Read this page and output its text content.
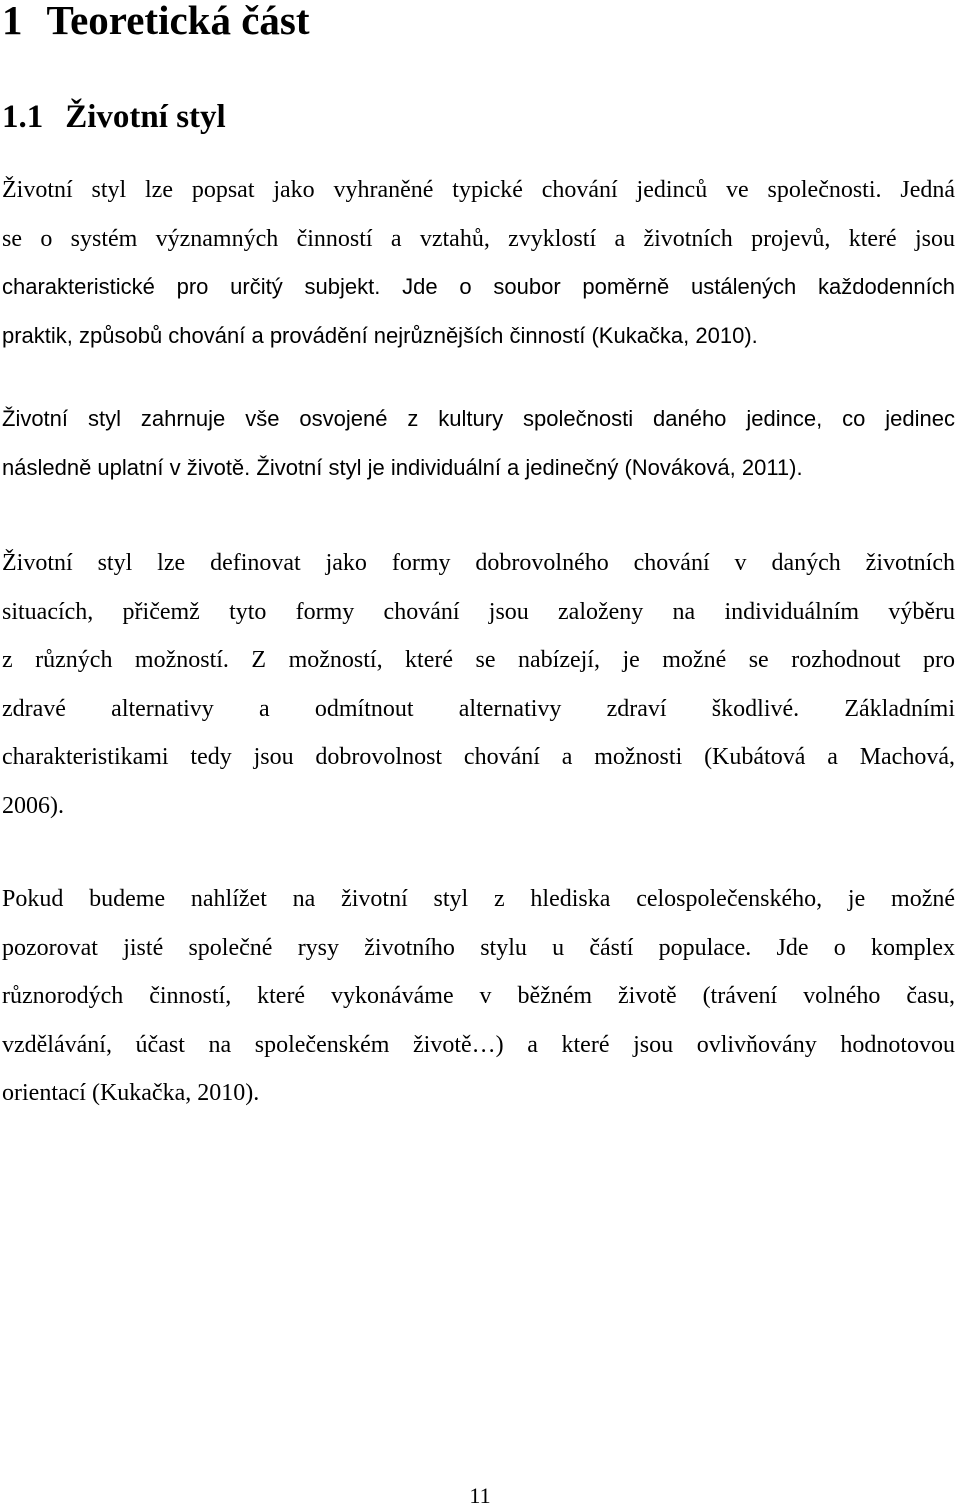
1 Teoretická část
1.1 Životní styl

Životní styl lze popsat jako vyhraněné typické chování jedinců ve společnosti. Jedná
se o systém významných činností a vztahů, zvyklostí a životních projevů, které jsou
charakteristické pro určitý subjekt. Jde o soubor poměrně ustálených každodenních
praktik, způsobů chování a provádění nejrůznějších činností (Kukačka, 2010).

Životní styl zahrnuje vše osvojené z kultury společnosti daného jedince, co jedinec
následně uplatní v životě. Životní styl je individuální a jedinečný (Nováková, 2011).

Životní styl lze definovat jako formy dobrovolného chování v daných životních
situacích, přičemž tyto formy chování jsou založeny na individuálním výběru
z různých možností. Z možností, které se nabízejí, je možné se rozhodnout pro
zdravé alternativy a odmítnout alternativy zdraví škodlivé. Základními
charakteristikami tedy jsou dobrovolnost chování a možnosti (Kubátová a Machová,
2006).

Pokud budeme nahlížet na životní styl z hlediska celospolečenského, je možné
pozorovat jisté společné rysy životního stylu u částí populace. Jde o komplex
různorodých činností, které vykonáváme v běžném životě (trávení volného času,
vzdělávání, účast na společenském životě…) a které jsou ovlivňovány hodnotovou
orientací (Kukačka, 2010).

11
